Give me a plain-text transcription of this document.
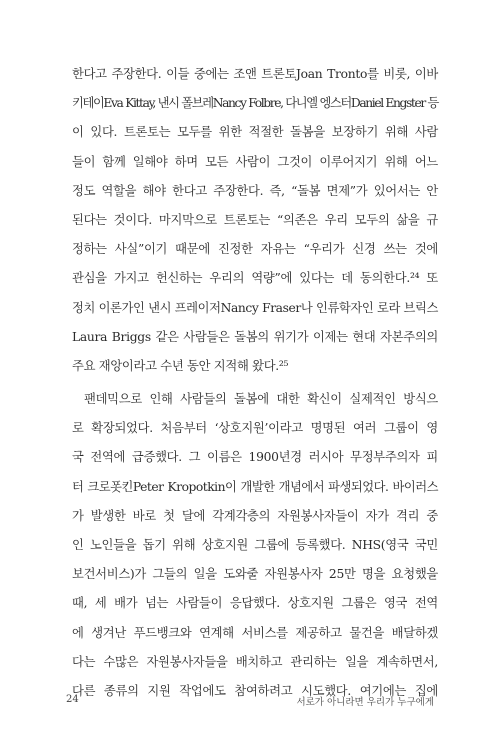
한다고 주장한다. 이들 중에는 조앤 트론토Joan Tronto를 비롯, 이바
키테이Eva Kittay, 낸시 폴브레Nancy Folbre, 다니엘 엥스터Daniel Engster 등
이 있다. 트론토는 모두를 위한 적절한 돌봄을 보장하기 위해 사람
들이 함께 일해야 하며 모든 사람이 그것이 이루어지기 위해 어느
정도 역할을 해야 한다고 주장한다. 즉, “돌봄 면제”가 있어서는 안
된다는 것이다. 마지막으로 트론토는 “의존은 우리 모두의 삶을 규
정하는 사실”이기 때문에 진정한 자유는 “우리가 신경 쓰는 것에
관심을 가지고 헌신하는 우리의 역량”에 있다는 데 동의한다.²⁴ 또
정치 이론가인 낸시 프레이저Nancy Fraser나 인류학자인 로라 브릭스
Laura Briggs 같은 사람들은 돌봄의 위기가 이제는 현대 자본주의의
주요 재앙이라고 수년 동안 지적해 왔다.²⁵
팬데믹으로 인해 사람들의 돌봄에 대한 확신이 실제적인 방식으
로 확장되었다. 처음부터 ‘상호지원’이라고 명명된 여러 그룹이 영
국 전역에 급증했다. 그 이름은 1900년경 러시아 무정부주의자 피
터 크로폿킨Peter Kropotkin이 개발한 개념에서 파생되었다. 바이러스
가 발생한 바로 첫 달에 각계각층의 자원봉사자들이 자가 격리 중
인 노인들을 돕기 위해 상호지원 그룹에 등록했다. NHS(영국 국민
보건서비스)가 그들의 일을 도와줄 자원봉사자 25만 명을 요청했을
때, 세 배가 넘는 사람들이 응답했다. 상호지원 그룹은 영국 전역
에 생겨난 푸드뱅크와 연계해 서비스를 제공하고 물건을 배달하겠
다는 수많은 자원봉사자들을 배치하고 관리하는 일을 계속하면서,
다른 종류의 지원 작업에도 참여하려고 시도했다. 여기에는 집에
24	서로가 아니라면 우리가 누구에게
